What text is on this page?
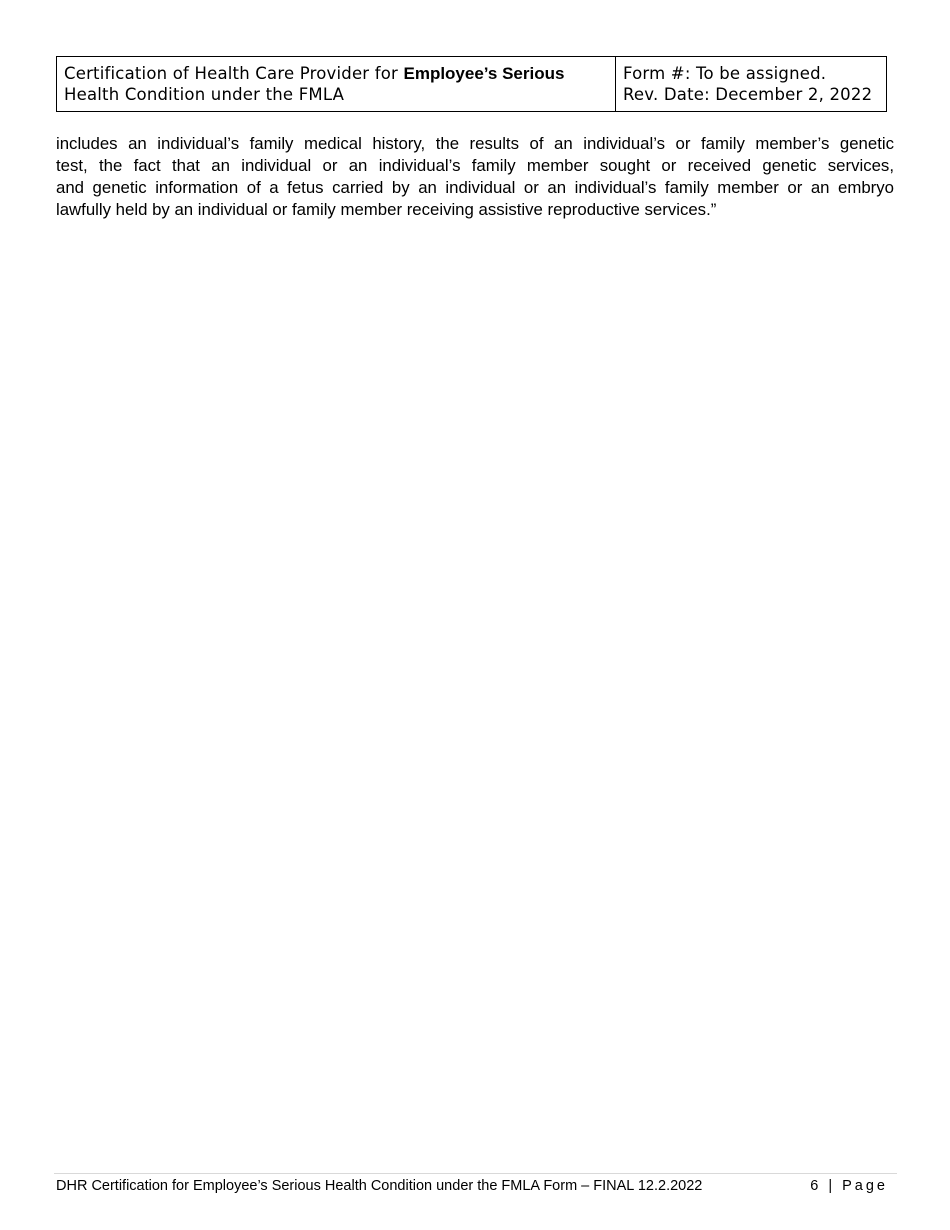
Certification of Health Care Provider for Employee’s Serious
Health Condition under the FMLA
Form #: To be assigned.
Rev. Date: December 2, 2022
includes an individual’s family medical history, the results of an individual’s or family member’s genetic
test, the fact that an individual or an individual’s family member sought or received genetic services,
and genetic information of a fetus carried by an individual or an individual’s family member or an embryo
lawfully held by an individual or family member receiving assistive reproductive services.”
DHR Certification for Employee’s Serious Health Condition under the FMLA Form – FINAL 12.2.2022	6 | Page
